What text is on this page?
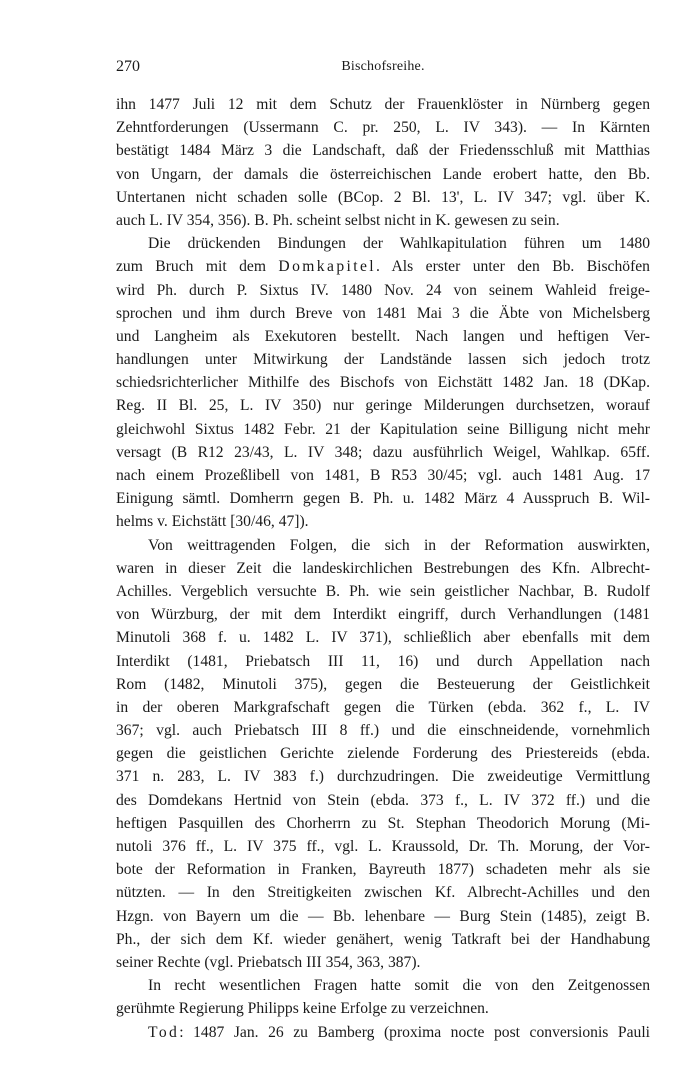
270	Bischofsreihe.
ihn 1477 Juli 12 mit dem Schutz der Frauenklöster in Nürnberg gegen
Zehntforderungen (Ussermann C. pr. 250, L. IV 343). — In Kärnten
bestätigt 1484 März 3 die Landschaft, daß der Friedensschluß mit Matthias
von Ungarn, der damals die österreichischen Lande erobert hatte, den Bb.
Untertanen nicht schaden solle (BCop. 2 Bl. 13', L. IV 347; vgl. über K.
auch L. IV 354, 356). B. Ph. scheint selbst nicht in K. gewesen zu sein.
Die drückenden Bindungen der Wahlkapitulation führen um 1480
zum Bruch mit dem Domkapitel. Als erster unter den Bb. Bischöfen
wird Ph. durch P. Sixtus IV. 1480 Nov. 24 von seinem Wahleid freige-
sprochen und ihm durch Breve von 1481 Mai 3 die Äbte von Michelsberg
und Langheim als Exekutoren bestellt. Nach langen und heftigen Ver-
handlungen unter Mitwirkung der Landstände lassen sich jedoch trotz
schiedsrichterlicher Mithilfe des Bischofs von Eichstätt 1482 Jan. 18 (DKap.
Reg. II Bl. 25, L. IV 350) nur geringe Milderungen durchsetzen, worauf
gleichwohl Sixtus 1482 Febr. 21 der Kapitulation seine Billigung nicht mehr
versagt (B R12 23/43, L. IV 348; dazu ausführlich Weigel, Wahlkap. 65ff.
nach einem Prozeßlibell von 1481, B R53 30/45; vgl. auch 1481 Aug. 17
Einigung sämtl. Domherrn gegen B. Ph. u. 1482 März 4 Ausspruch B. Wil-
helms v. Eichstätt [30/46, 47]).
Von weittragenden Folgen, die sich in der Reformation auswirkten,
waren in dieser Zeit die landeskirchlichen Bestrebungen des Kfn. Albrecht-
Achilles. Vergeblich versuchte B. Ph. wie sein geistlicher Nachbar, B. Rudolf
von Würzburg, der mit dem Interdikt eingriff, durch Verhandlungen (1481
Minutoli 368 f. u. 1482 L. IV 371), schließlich aber ebenfalls mit dem
Interdikt (1481, Priebatsch III 11, 16) und durch Appellation nach
Rom (1482, Minutoli 375), gegen die Besteuerung der Geistlichkeit
in der oberen Markgrafschaft gegen die Türken (ebda. 362 f., L. IV
367; vgl. auch Priebatsch III 8 ff.) und die einschneidende, vornehmlich
gegen die geistlichen Gerichte zielende Forderung des Priestereids (ebda.
371 n. 283, L. IV 383 f.) durchzudringen. Die zweideutige Vermittlung
des Domdekans Hertnid von Stein (ebda. 373 f., L. IV 372 ff.) und die
heftigen Pasquillen des Chorherrn zu St. Stephan Theodorich Morung (Mi-
nutoli 376 ff., L. IV 375 ff., vgl. L. Kraussold, Dr. Th. Morung, der Vor-
bote der Reformation in Franken, Bayreuth 1877) schadeten mehr als sie
nützten. — In den Streitigkeiten zwischen Kf. Albrecht-Achilles und den
Hzgn. von Bayern um die — Bb. lehenbare — Burg Stein (1485), zeigt B.
Ph., der sich dem Kf. wieder genähert, wenig Tatkraft bei der Handhabung
seiner Rechte (vgl. Priebatsch III 354, 363, 387).
In recht wesentlichen Fragen hatte somit die von den Zeitgenossen
gerühmte Regierung Philipps keine Erfolge zu verzeichnen.
Tod: 1487 Jan. 26 zu Bamberg (proxima nocte post conversionis Pauli
